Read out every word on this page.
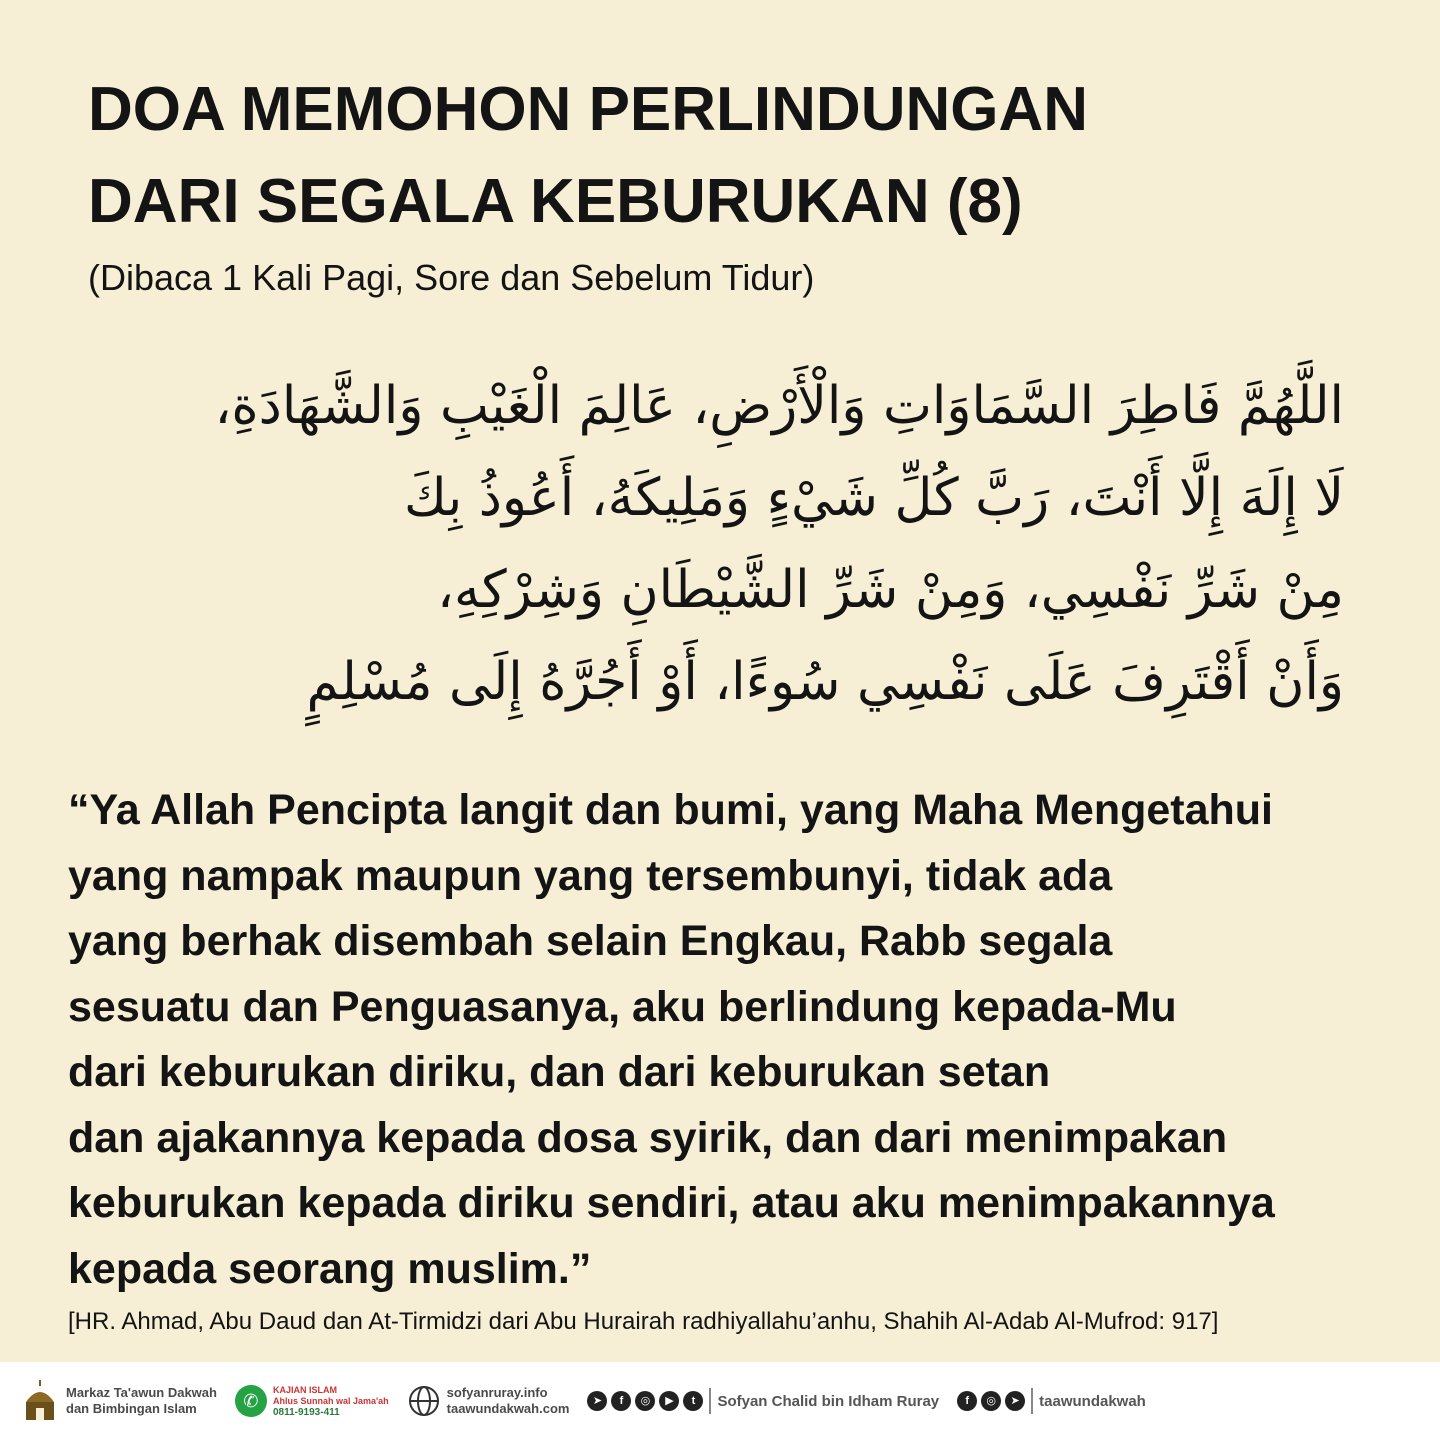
DOA MEMOHON PERLINDUNGAN
DARI SEGALA KEBURUKAN (8)
(Dibaca 1 Kali Pagi, Sore dan Sebelum Tidur)
اللَّهُمَّ فَاطِرَ السَّمَاوَاتِ وَالْأَرْضِ، عَالِمَ الْغَيْبِ وَالشَّهَادَةِ،
لَا إِلَهَ إِلَّا أَنْتَ، رَبَّ كُلِّ شَيْءٍ وَمَلِيكَهُ، أَعُوذُ بِكَ
مِنْ شَرِّ نَفْسِي، وَمِنْ شَرِّ الشَّيْطَانِ وَشِرْكِهِ،
وَأَنْ أَقْتَرِفَ عَلَى نَفْسِي سُوءًا، أَوْ أَجُرَّهُ إِلَى مُسْلِمٍ
“Ya Allah Pencipta langit dan bumi, yang Maha Mengetahui
yang nampak maupun yang tersembunyi, tidak ada
yang berhak disembah selain Engkau, Rabb segala
sesuatu dan Penguasanya, aku berlindung kepada-Mu
dari keburukan diriku, dan dari keburukan setan
dan ajakannya kepada dosa syirik, dan dari menimpakan
keburukan kepada diriku sendiri, atau aku menimpakannya
kepada seorang muslim.”
[HR. Ahmad, Abu Daud dan At-Tirmidzi dari Abu Hurairah radhiyallahu’anhu, Shahih Al-Adab Al-Mufrod: 917]
Markaz Ta'awun Dakwah
dan Bimbingan Islam	✆
KAJIAN ISLAM
Ahlus Sunnah wal Jama'ah
0811-9193-411
sofyanruray.info
taawundakwah.com	➤	f	◎	▶	t	Sofyan Chalid bin Idham Ruray	f	◎	➤	taawundakwah
